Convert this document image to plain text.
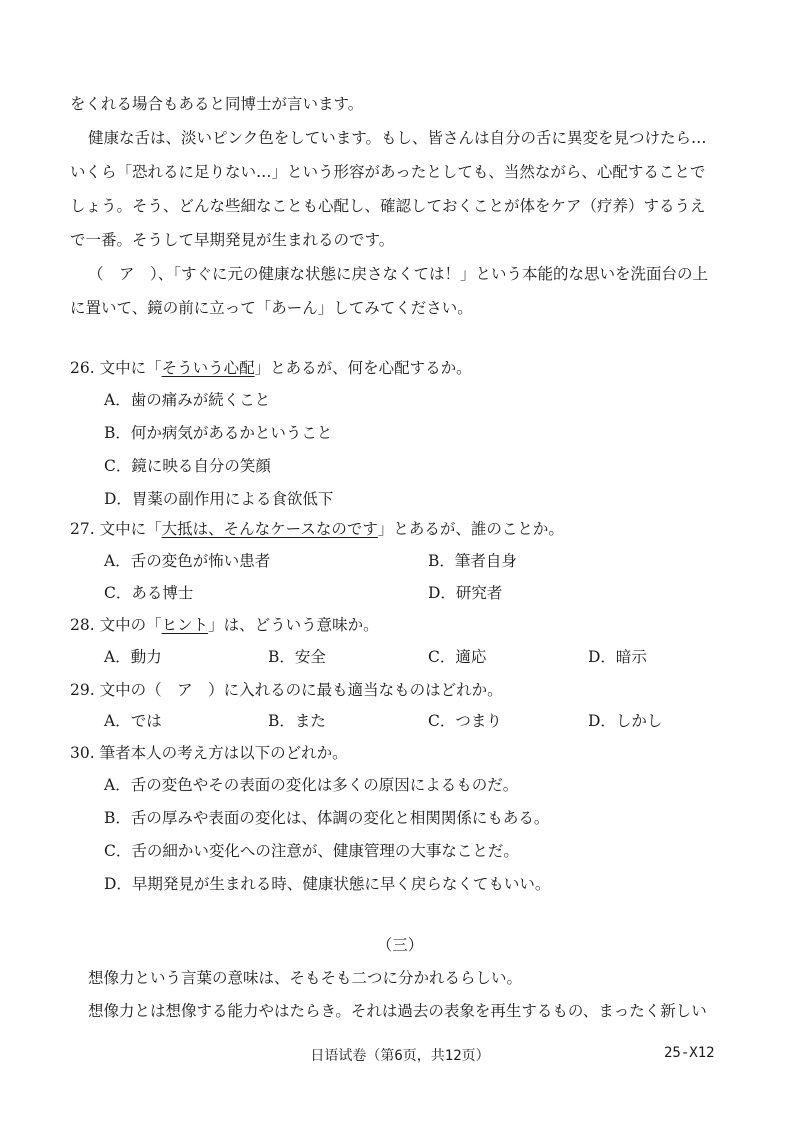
をくれる場合もあると同博士が言います。
健康な舌は、淡いピンク色をしています。もし、皆さんは自分の舌に異変を見つけたら…
いくら「恐れるに足りない…」という形容があったとしても、当然ながら、心配することで
しょう。そう、どんな些細なことも心配し、確認しておくことが体をケア（疗养）するうえ
で一番。そうして早期発見が生まれるのです。
（　ア　）、「すぐに元の健康な状態に戻さなくては！」という本能的な思いを洗面台の上
に置いて、鏡の前に立って「あーん」してみてください。
26. 文中に「そういう心配」とあるが、何を心配するか。
A．歯の痛みが続くこと
B．何か病気があるかということ
C．鏡に映る自分の笑顔
D．胃薬の副作用による食欲低下
27. 文中に「大抵は、そんなケースなのです」とあるが、誰のことか。
A．舌の変色が怖い患者	B．筆者自身
C．ある博士	D．研究者
28. 文中の「ヒント」は、どういう意味か。
A．動力	B．安全	C．適応	D．暗示
29. 文中の（　ア　）に入れるのに最も適当なものはどれか。
A．では	B．また	C．つまり	D．しかし
30. 筆者本人の考え方は以下のどれか。
A．舌の変色やその表面の変化は多くの原因によるものだ。
B．舌の厚みや表面の変化は、体調の変化と相関関係にもある。
C．舌の細かい変化への注意が、健康管理の大事なことだ。
D．早期発見が生まれる時、健康状態に早く戻らなくてもいい。
（三）
想像力という言葉の意味は、そもそも二つに分かれるらしい。
想像力とは想像する能力やはたらき。それは過去の表象を再生するもの、まったく新しい
日语试卷（第6页，共12页）	25-X12
